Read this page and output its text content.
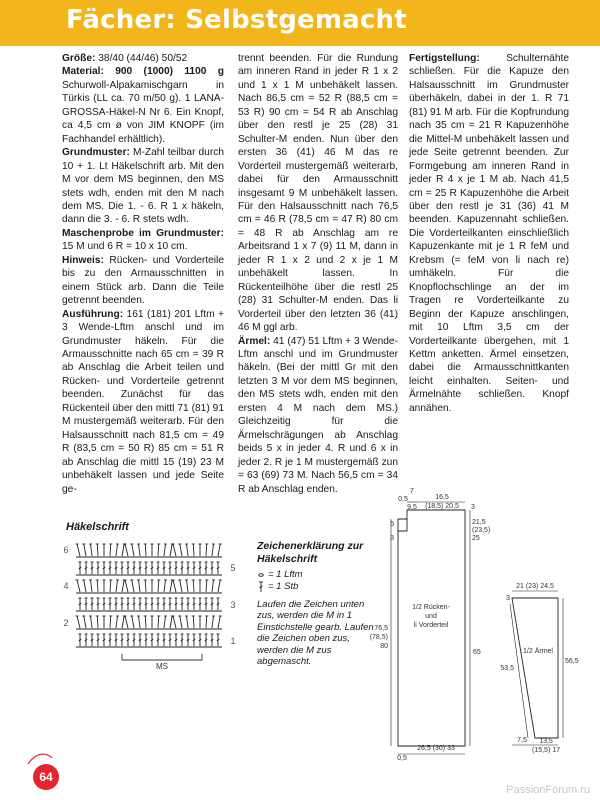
Fächer: Selbstgemacht

Größe: 38/40 (44/46) 50/52

Material: 900 (1000) 1100 g Schurwoll-Alpakamischgarn in Türkis (LL ca. 70 m/50 g). 1 LANA-GROSSA-Häkel-N Nr 6. Ein Knopf, ca 4,5 cm ø von JIM KNOPF (im Fachhandel erhältlich).

Grundmuster: M-Zahl teilbar durch 10 + 1. Lt Häkelschrift arb. Mit den M vor dem MS beginnen, den MS stets wdh, enden mit den M nach dem MS. Die 1. - 6. R 1 x häkeln, dann die 3. - 6. R stets wdh.

Maschenprobe im Grundmuster: 15 M und 6 R = 10 x 10 cm.

Hinweis: Rücken- und Vorderteile bis zu den Armausschnitten in einem Stück arb. Dann die Teile getrennt beenden.

Ausführung: 161 (181) 201 Lftm + 3 Wende-Lftm anschl und im Grundmuster häkeln. Für die Armausschnitte nach 65 cm = 39 R ab Anschlag die Arbeit teilen und Rücken- und Vorderteile getrennt beenden. Zunächst für das Rückenteil über den mittl 71 (81) 91 M mustergemäß weiterarb. Für den Halsausschnitt nach 81,5 cm = 49 R (83,5 cm = 50 R) 85 cm = 51 R ab Anschlag die mittl 15 (19) 23 M unbehäkelt lassen und jede Seite ge-

trennt beenden. Für die Rundung am inneren Rand in jeder R 1 x 2 und 1 x 1 M unbehäkelt lassen. Nach 86,5 cm = 52 R (88,5 cm = 53 R) 90 cm = 54 R ab Anschlag über den restl je 25 (28) 31 Schulter-M enden. Nun über den ersten 36 (41) 46 M das re Vorderteil mustergemäß weiterarb, dabei für den Armausschnitt insgesamt 9 M unbehäkelt lassen. Für den Halsausschnitt nach 76,5 cm = 46 R (78,5 cm = 47 R) 80 cm = 48 R ab Anschlag am re Arbeitsrand 1 x 7 (9) 11 M, dann in jeder R 1 x 2 und 2 x je 1 M unbehäkelt lassen. In Rückenteilhöhe über die restl 25 (28) 31 Schulter-M enden. Das li Vorderteil über den letzten 36 (41) 46 M ggl arb.

Ärmel: 41 (47) 51 Lftm + 3 Wende-Lftm anschl und im Grundmuster häkeln. (Bei der mittl Gr mit den letzten 3 M vor dem MS beginnen, den MS stets wdh, enden mit den ersten 4 M nach dem MS.) Gleichzeitig für die Ärmelschrägungen ab Anschlag beids 5 x in jeder 4. R und 6 x in jeder 2. R je 1 M mustergemäß zun = 63 (69) 73 M. Nach 56,5 cm = 34 R ab Anschlag enden.

Fertigstellung: Schulternähte schließen. Für die Kapuze den Halsausschnitt im Grundmuster überhäkeln, dabei in der 1. R 71 (81) 91 M arb. Für die Kopfrundung nach 35 cm = 21 R Kapuzenhöhe die Mittel-M unbehäkelt lassen und jede Seite getrennt beenden. Zur Formgebung am inneren Rand in jeder R 4 x je 1 M ab. Nach 41,5 cm = 25 R Kapuzenhöhe die Arbeit über den restl je 31 (36) 41 M beenden. Kapuzennaht schließen. Die Vorderteilkanten einschließlich Kapuzenkante mit je 1 R feM und Krebsm (= feM von li nach re) umhäkeln. Für die Knopflochschlinge an der im Tragen re Vorderteilkante zu Beginn der Kapuze anschlingen, mit 10 Lftm 3,5 cm der Vorderteilkante übergehen, mit 1 Kettm anketten. Ärmel einsetzen, dabei die Armausschnittkanten leicht einhalten. Seiten- und Ärmelnähte schließen. Knopf annähen.

Häkelschrift
6
4
2
5
3
1
MS
Zeichenerklärung zur Häkelschrift
= 1 Lftm
= 1 Stb
Laufen die Zeichen unten zus, werden die M in 1 Einstichstelle gearb. Laufen die Zeichen oben zus, werden die M zus abgemascht.
7
0,5
9,5
16,5
(18,5) 20,5 3
5
3
21,5
(23,5)
25
1/2 Rücken-
und
li Vorderteil
76,5
(78,5)
80
65
0,5
26,5 (30) 33
21 (23) 24,5
3
1/2 Ärmel
53,5
56,5
7,5 13,5
(15,5) 17
64
PassionForum.ru
